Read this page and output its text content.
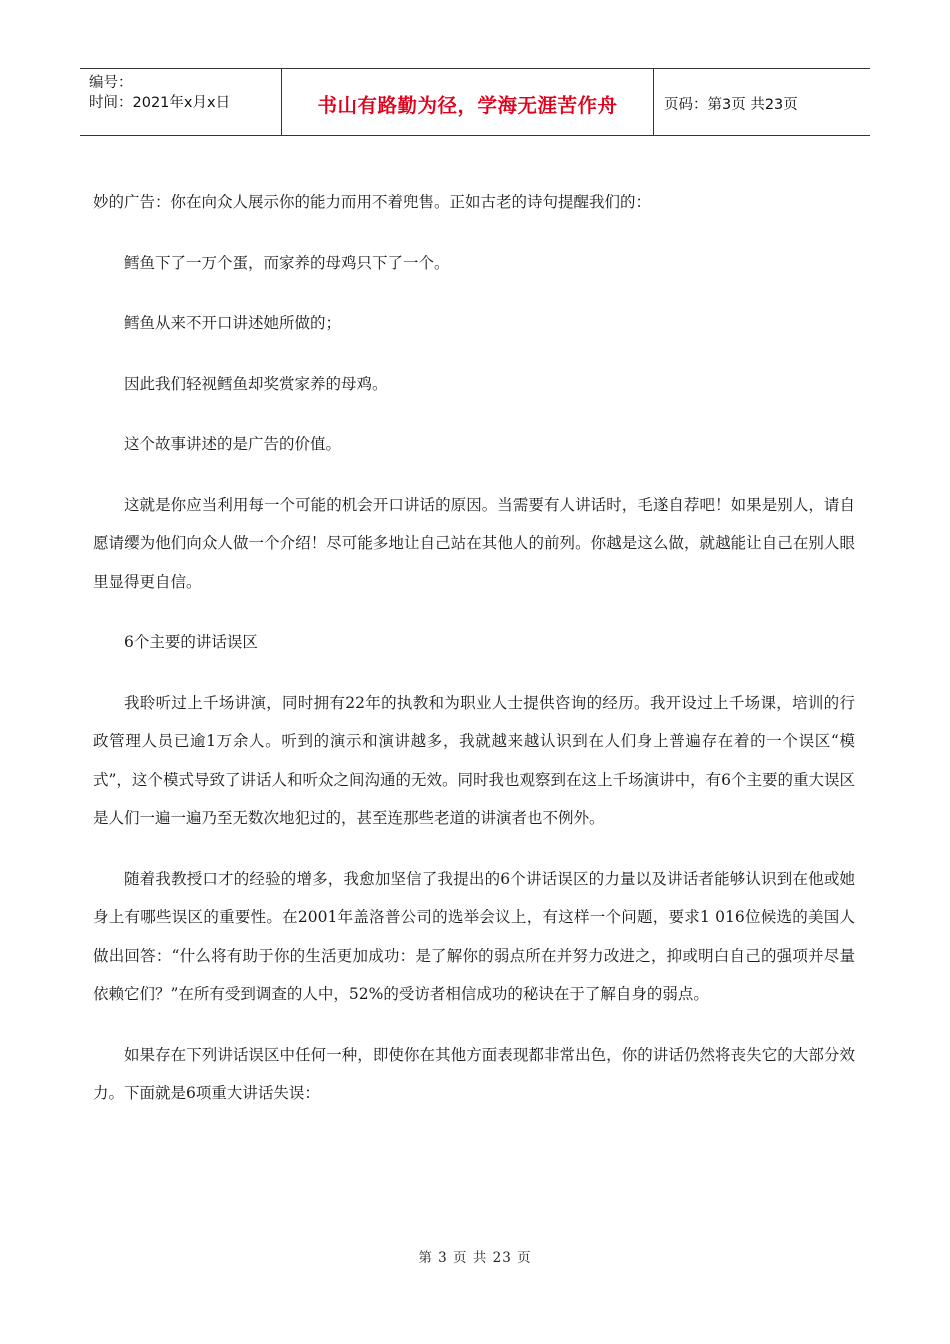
编号：
时间：2021年x月x日	书山有路勤为径，学海无涯苦作舟	页码：第3页 共23页

妙的广告：你在向众人展示你的能力而用不着兜售。正如古老的诗句提醒我们的：

鳕鱼下了一万个蛋，而家养的母鸡只下了一个。

鳕鱼从来不开口讲述她所做的；

因此我们轻视鳕鱼却奖赏家养的母鸡。

这个故事讲述的是广告的价值。

这就是你应当利用每一个可能的机会开口讲话的原因。当需要有人讲话时，毛遂自荐吧！如果是别人，请自愿请缨为他们向众人做一个介绍！尽可能多地让自己站在其他人的前列。你越是这么做，就越能让自己在别人眼里显得更自信。

6个主要的讲话误区

我聆听过上千场讲演，同时拥有22年的执教和为职业人士提供咨询的经历。我开设过上千场课，培训的行政管理人员已逾1万余人。听到的演示和演讲越多，我就越来越认识到在人们身上普遍存在着的一个误区“模式”，这个模式导致了讲话人和听众之间沟通的无效。同时我也观察到在这上千场演讲中，有6个主要的重大误区是人们一遍一遍乃至无数次地犯过的，甚至连那些老道的讲演者也不例外。

随着我教授口才的经验的增多，我愈加坚信了我提出的6个讲话误区的力量以及讲话者能够认识到在他或她身上有哪些误区的重要性。在2001年盖洛普公司的选举会议上，有这样一个问题，要求1 016位候选的美国人做出回答：“什么将有助于你的生活更加成功：是了解你的弱点所在并努力改进之，抑或明白自己的强项并尽量依赖它们？”在所有受到调查的人中，52%的受访者相信成功的秘诀在于了解自身的弱点。

如果存在下列讲话误区中任何一种，即使你在其他方面表现都非常出色，你的讲话仍然将丧失它的大部分效力。下面就是6项重大讲话失误：

第 3 页 共 23 页
